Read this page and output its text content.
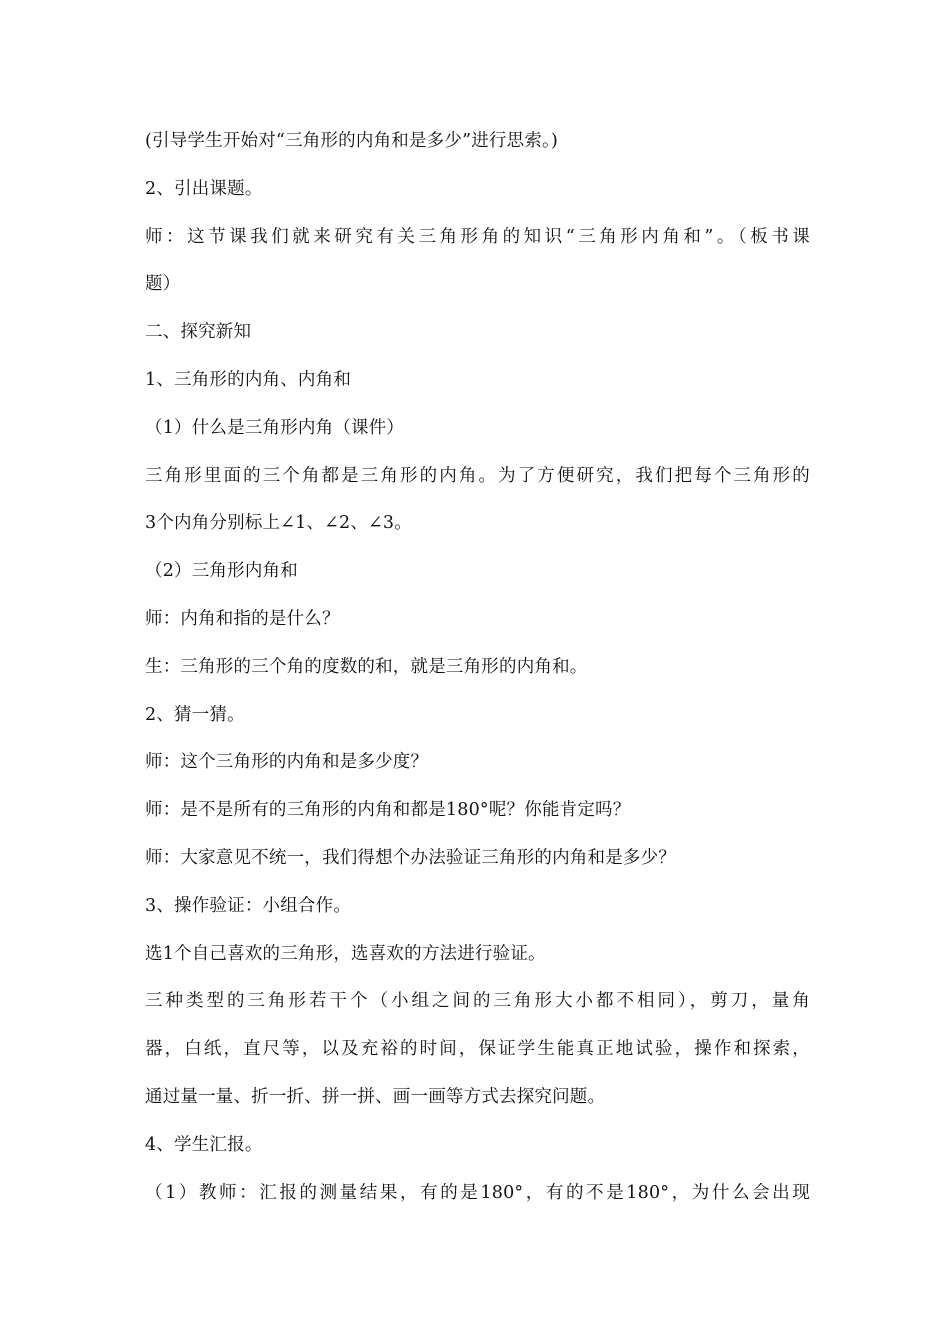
(引导学生开始对“三角形的内角和是多少”进行思索。)
2、引出课题。
师：这节课我们就来研究有关三角形角的知识“三角形内角和”。（板书课
题）
二、探究新知
1、三角形的内角、内角和
（1）什么是三角形内角（课件）
三角形里面的三个角都是三角形的内角。为了方便研究，我们把每个三角形的
3个内角分别标上∠1、∠2、∠3。
（2）三角形内角和
师：内角和指的是什么？
生：三角形的三个角的度数的和，就是三角形的内角和。
2、猜一猜。
师：这个三角形的内角和是多少度？
师：是不是所有的三角形的内角和都是180°呢？你能肯定吗？
师：大家意见不统一，我们得想个办法验证三角形的内角和是多少？
3、操作验证：小组合作。
选1个自己喜欢的三角形，选喜欢的方法进行验证。
三种类型的三角形若干个（小组之间的三角形大小都不相同），剪刀，量角
器，白纸，直尺等，以及充裕的时间，保证学生能真正地试验，操作和探索，
通过量一量、折一折、拼一拼、画一画等方式去探究问题。
4、学生汇报。
（1）教师：汇报的测量结果，有的是180°，有的不是180°，为什么会出现
